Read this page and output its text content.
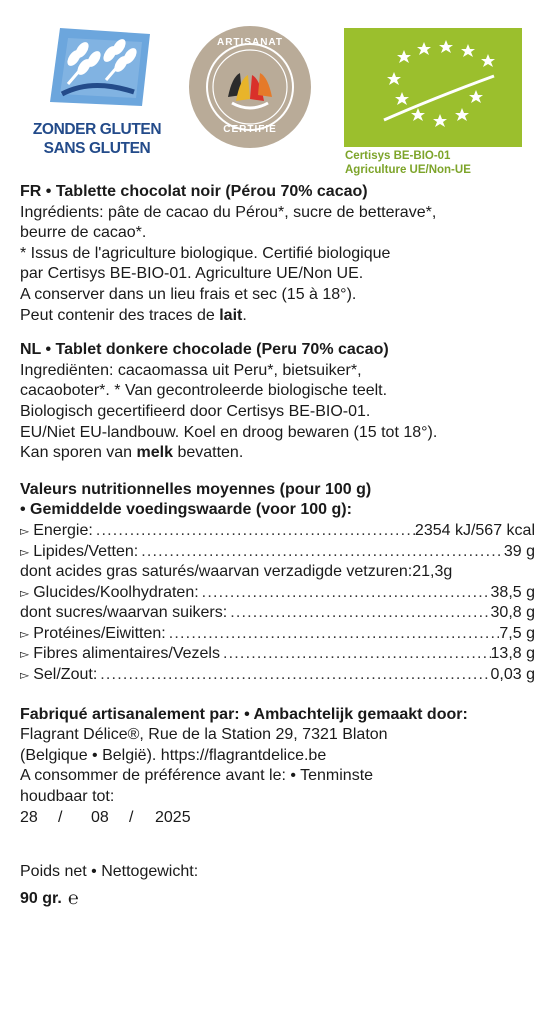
ZONDER GLUTEN
SANS GLUTEN
ARTISANAT
CERTIFIÉ
Certisys BE-BIO-01
Agriculture UE/Non-UE

FR • Tablette chocolat noir (Pérou 70% cacao)

Ingrédients: pâte de cacao du Pérou*, sucre de betterave*,

beurre de cacao*.

* Issus de l'agriculture biologique. Certifié biologique

par Certisys BE-BIO-01. Agriculture UE/Non UE.

A conserver dans un lieu frais et sec (15 à 18°).

Peut contenir des traces de lait.

NL • Tablet donkere chocolade (Peru 70% cacao)

Ingrediënten: cacaomassa uit Peru*, bietsuiker*,

cacaoboter*. * Van gecontroleerde biologische teelt.

Biologisch gecertifieerd door Certisys BE-BIO-01.

EU/Niet EU-landbouw. Koel en droog bewaren (15 tot 18°).

Kan sporen van melk bevatten.

Valeurs nutritionnelles moyennes (pour 100 g)

• Gemiddelde voedingswaarde (voor 100 g):

▻ Energie: .....	2354 kJ/567 kcal
▻ Lipides/Vetten: .....	39 g
dont acides gras saturés/waarvan verzadigde vetzuren: 21,3g
▻ Glucides/Koolhydraten: .....	38,5 g
dont sucres/waarvan suikers: .....	30,8 g
▻ Protéines/Eiwitten: .....	7,5 g
▻ Fibres alimentaires/Vezels .....	13,8 g
▻ Sel/Zout: .....	0,03 g

Fabriqué artisanalement par: • Ambachtelijk gemaakt door:

Flagrant Délice®, Rue de la Station 29, 7321 Blaton

(Belgique • België). https://flagrantdelice.be

A consommer de préférence avant le: • Tenminste

houdbaar tot:

28 / 08 / 2025

Poids net • Nettogewicht:

90 gr. ℮
